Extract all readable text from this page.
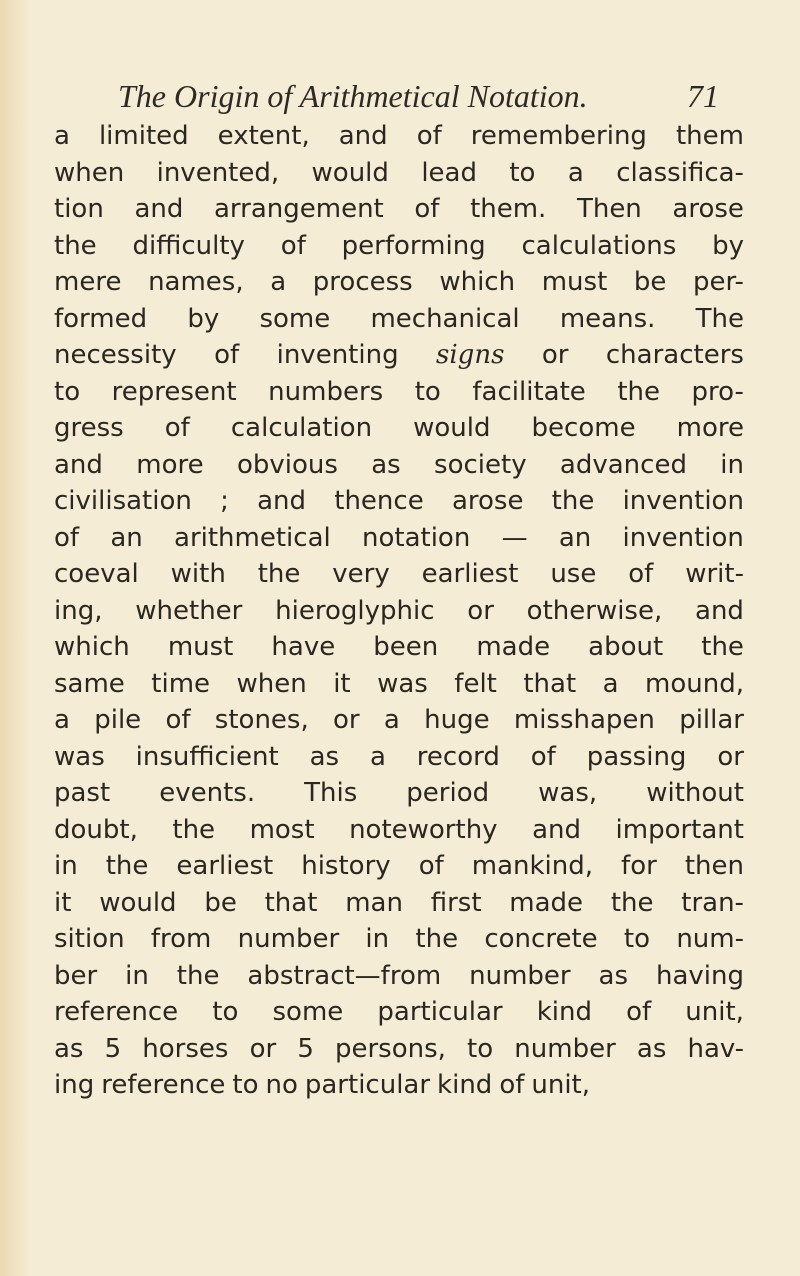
The Origin of Arithmetical Notation.	71
a limited extent, and of remembering them
when invented, would lead to a classifica-
tion and arrangement of them. Then arose
the difficulty of performing calculations by
mere names, a process which must be per-
formed by some mechanical means. The
necessity of inventing signs or characters
to represent numbers to facilitate the pro-
gress of calculation would become more
and more obvious as society advanced in
civilisation ; and thence arose the invention
of an arithmetical notation — an invention
coeval with the very earliest use of writ-
ing, whether hieroglyphic or otherwise, and
which must have been made about the
same time when it was felt that a mound,
a pile of stones, or a huge misshapen pillar
was insufficient as a record of passing or
past events. This period was, without
doubt, the most noteworthy and important
in the earliest history of mankind, for then
it would be that man first made the tran-
sition from number in the concrete to num-
ber in the abstract—from number as having
reference to some particular kind of unit,
as 5 horses or 5 persons, to number as hav-
ing reference to no particular kind of unit,
